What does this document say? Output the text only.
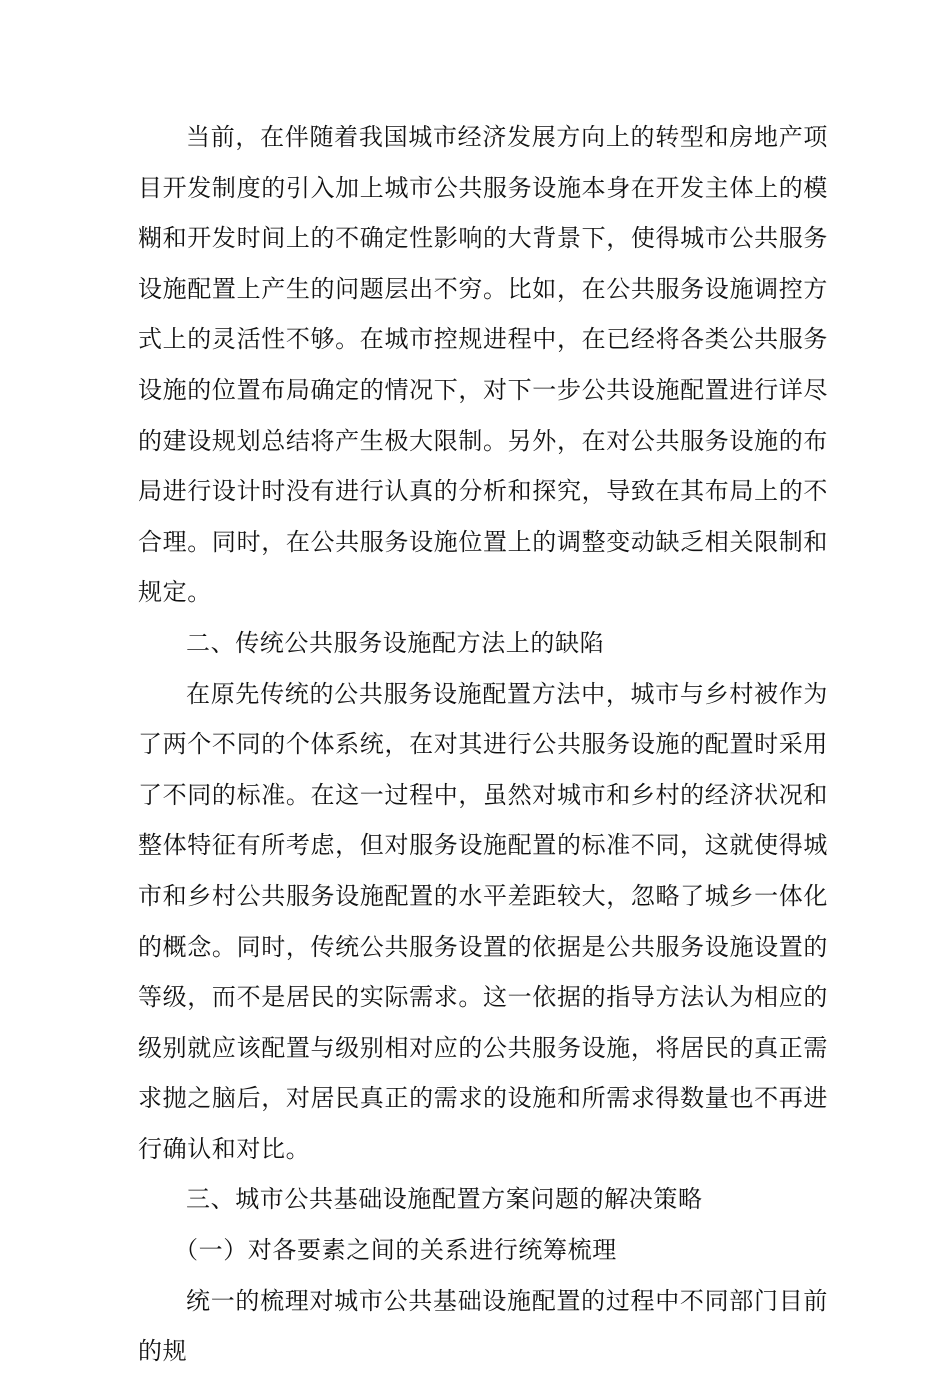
当前，在伴随着我国城市经济发展方向上的转型和房地产项目开发制度的引入加上城市公共服务设施本身在开发主体上的模糊和开发时间上的不确定性影响的大背景下，使得城市公共服务设施配置上产生的问题层出不穷。比如，在公共服务设施调控方式上的灵活性不够。在城市控规进程中，在已经将各类公共服务设施的位置布局确定的情况下，对下一步公共设施配置进行详尽的建设规划总结将产生极大限制。另外，在对公共服务设施的布局进行设计时没有进行认真的分析和探究，导致在其布局上的不合理。同时，在公共服务设施位置上的调整变动缺乏相关限制和规定。

二、传统公共服务设施配方法上的缺陷

在原先传统的公共服务设施配置方法中，城市与乡村被作为了两个不同的个体系统，在对其进行公共服务设施的配置时采用了不同的标准。在这一过程中，虽然对城市和乡村的经济状况和整体特征有所考虑，但对服务设施配置的标准不同，这就使得城市和乡村公共服务设施配置的水平差距较大，忽略了城乡一体化的概念。同时，传统公共服务设置的依据是公共服务设施设置的等级，而不是居民的实际需求。这一依据的指导方法认为相应的级别就应该配置与级别相对应的公共服务设施，将居民的真正需求抛之脑后，对居民真正的需求的设施和所需求得数量也不再进行确认和对比。

三、城市公共基础设施配置方案问题的解决策略

（一）对各要素之间的关系进行统筹梳理

统一的梳理对城市公共基础设施配置的过程中不同部门目前的规
